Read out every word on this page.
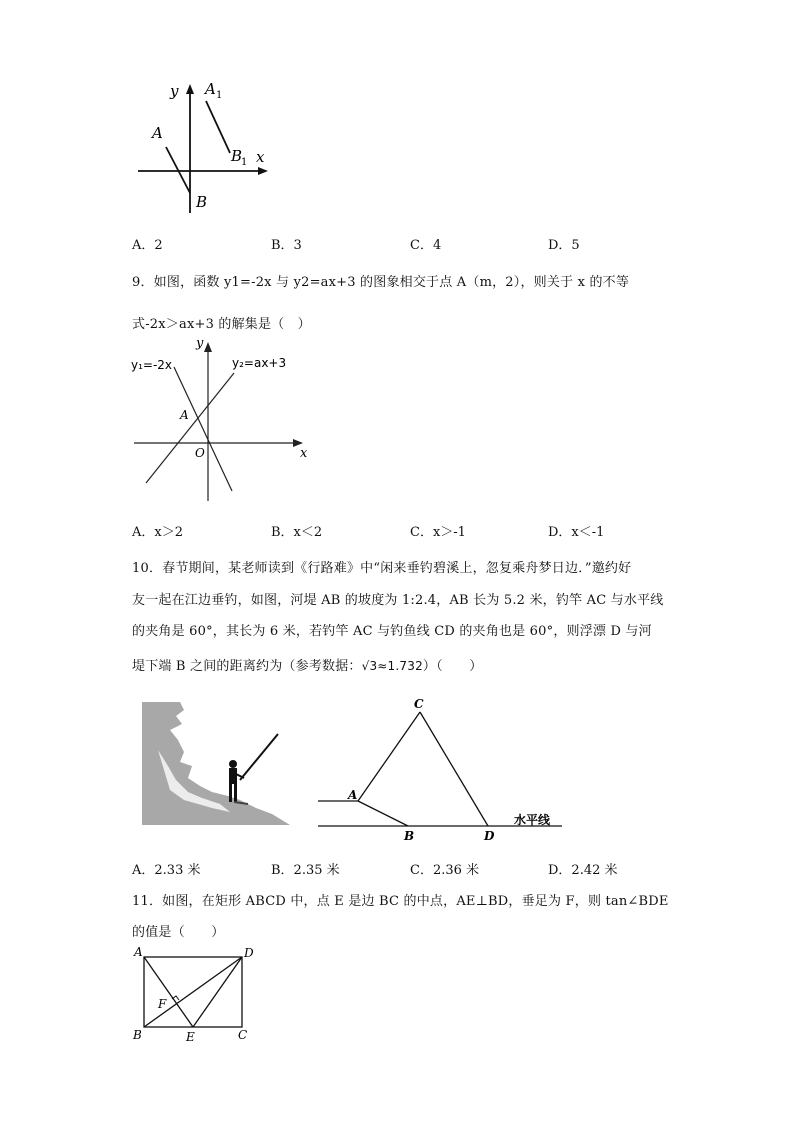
y A 1
A
B
1 x
B
A．2	B．3	C．4	D．5
9．如图，函数 y1=-2x 与 y2=ax+3 的图象相交于点 A（m，2），则关于 x 的不等
式-2x＞ax+3 的解集是（　）
y₁=-2x	y₂=ax+3
y
A
O	x
A．x＞2	B．x＜2	C．x＞-1	D．x＜-1
10．春节期间，某老师读到《行路难》中“闲来垂钓碧溪上，忽复乘舟梦日边．”邀约好
友一起在江边垂钓，如图，河堤 AB 的坡度为 1:2.4，AB 长为 5.2 米，钓竿 AC 与水平线
的夹角是 60°，其长为 6 米，若钓竿 AC 与钓鱼线 CD 的夹角也是 60°，则浮漂 D 与河
堤下端 B 之间的距离约为（参考数据：√3≈1.732）（　　）
C
A
B	D
水平线
A．2.33 米	B．2.35 米	C．2.36 米	D．2.42 米
11．如图，在矩形 ABCD 中，点 E 是边 BC 的中点，AE⊥BD，垂足为 F，则 tan∠BDE
的值是（　　）
A	D
F
B	E	C
